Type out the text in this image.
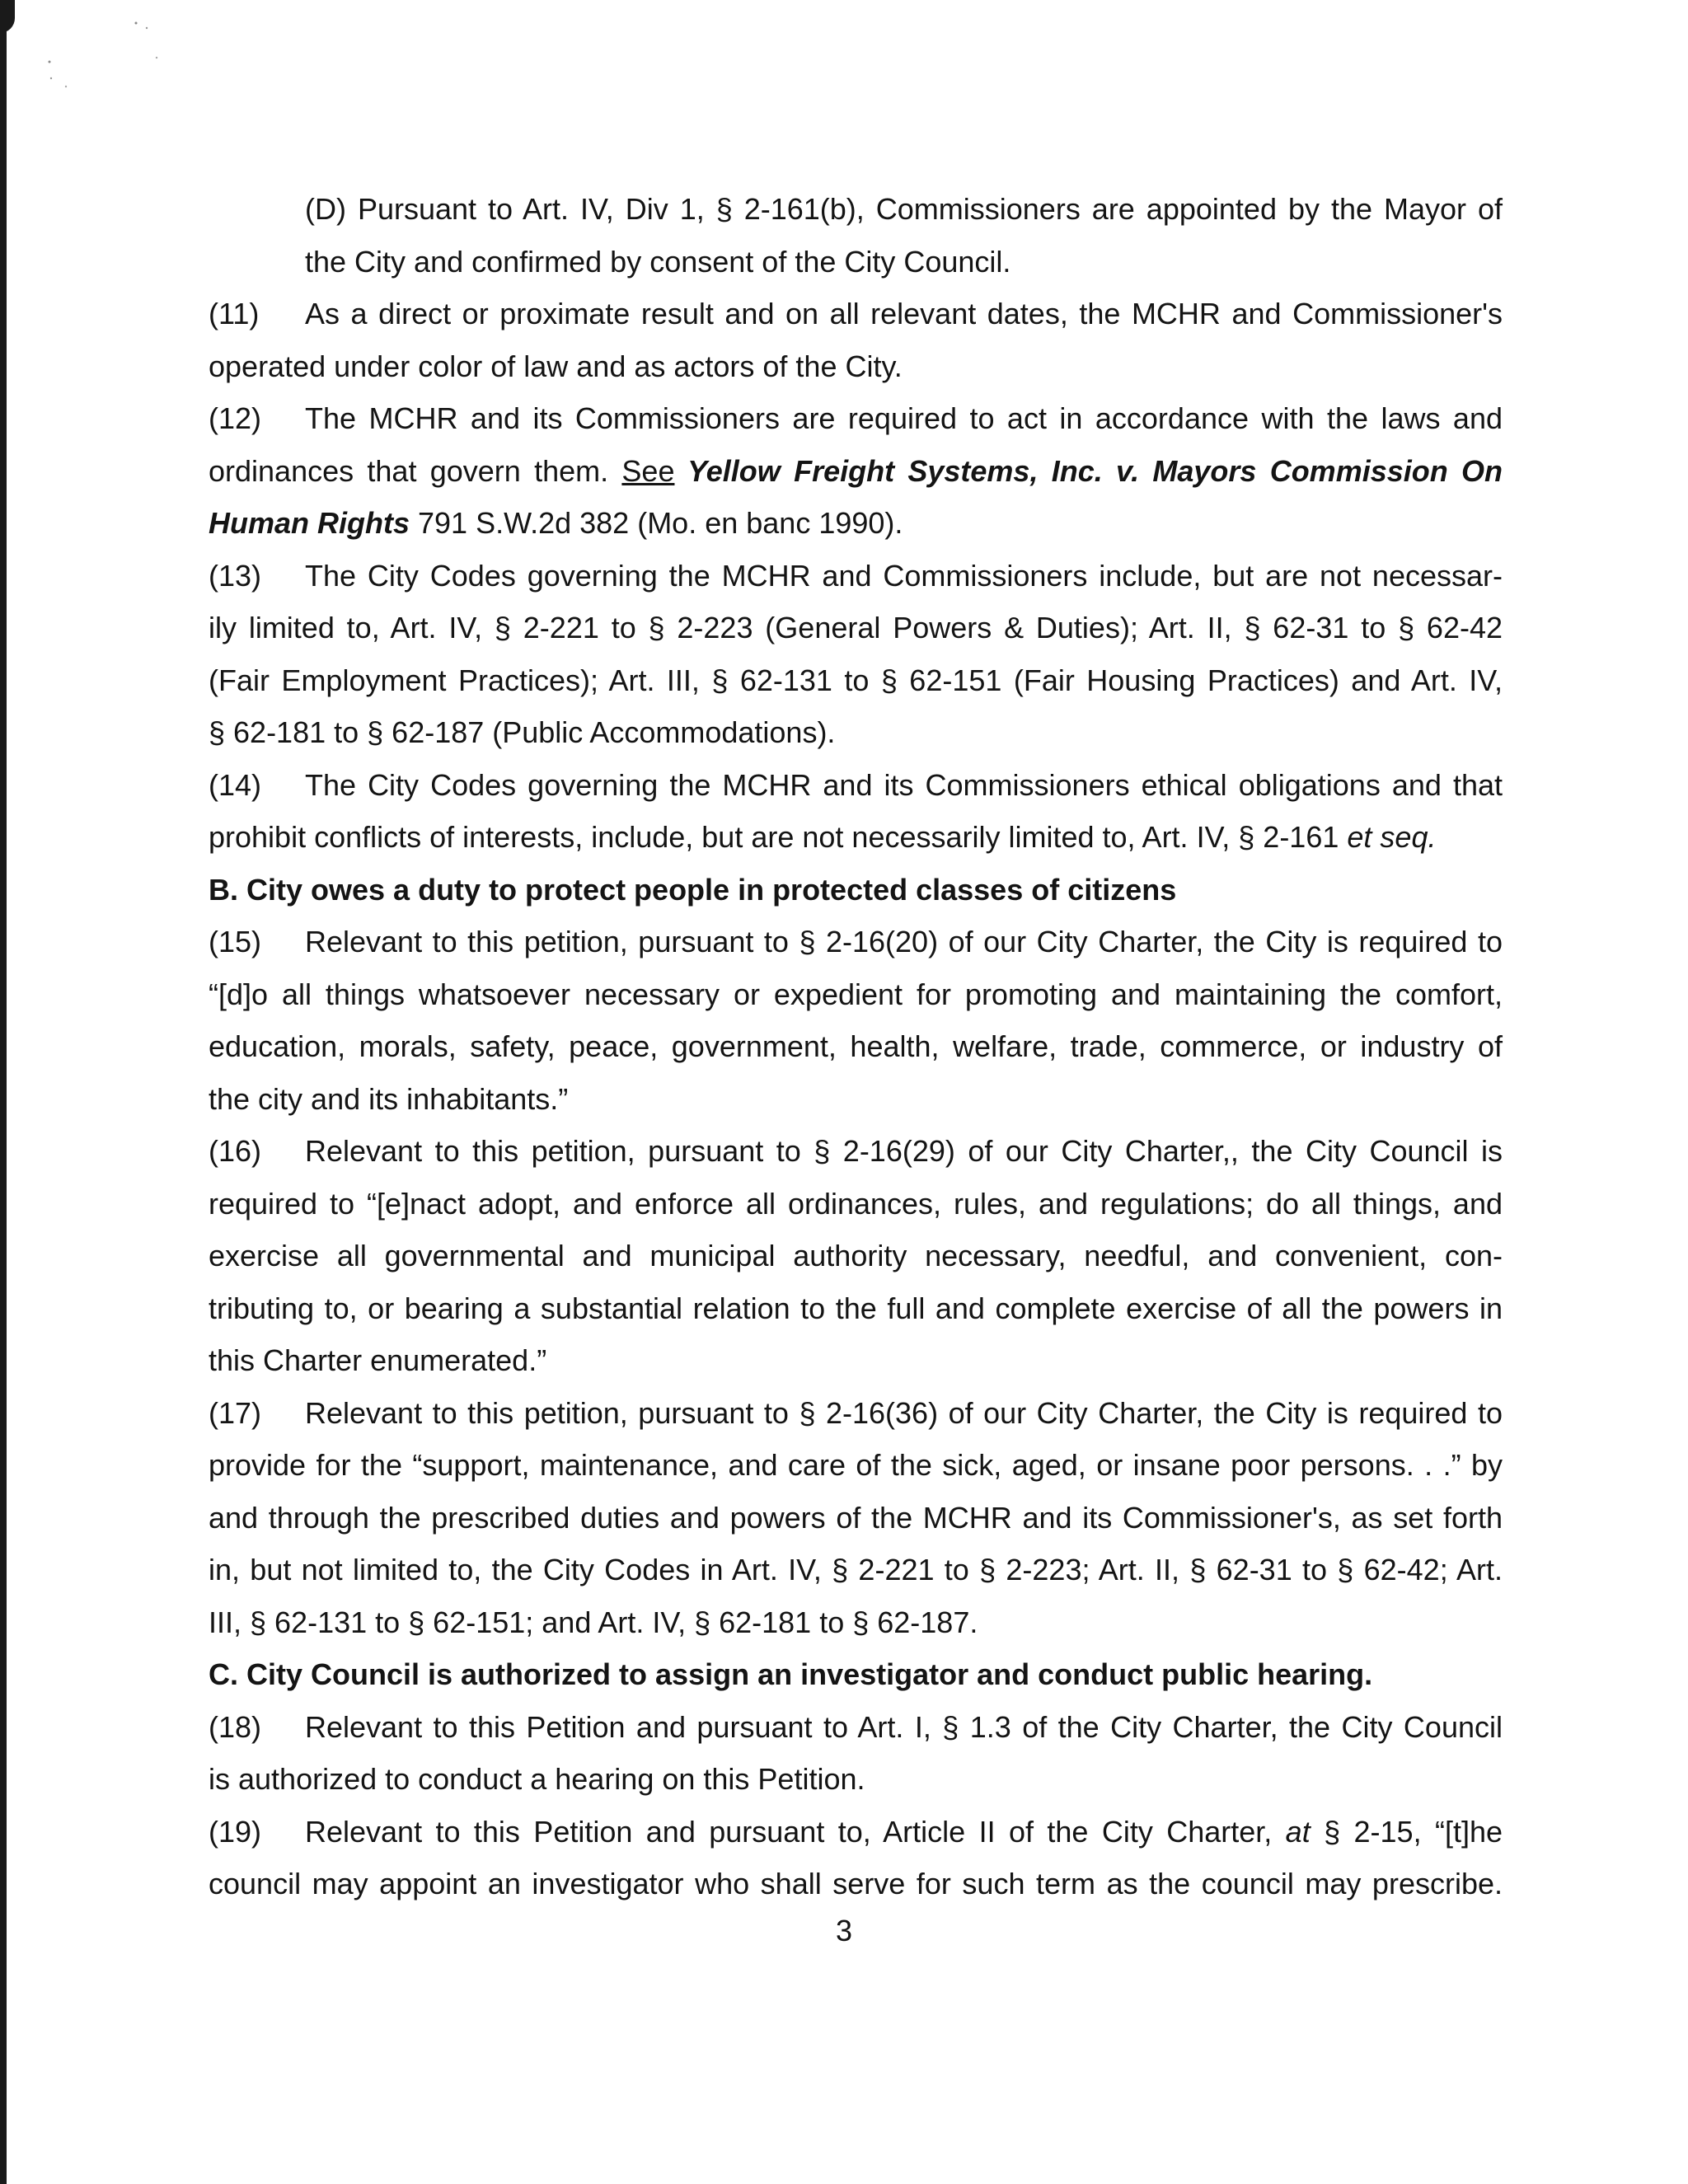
(D) Pursuant to Art. IV, Div 1, § 2-161(b), Commissioners are appointed by the Mayor of
the City and confirmed by consent of the City Council.
(11) As a direct or proximate result and on all relevant dates, the MCHR and Commissioner's
operated under color of law and as actors of the City.
(12) The MCHR and its Commissioners are required to act in accordance with the laws and
ordinances that govern them. See Yellow Freight Systems, Inc. v. Mayors Commission On
Human Rights 791 S.W.2d 382 (Mo. en banc 1990).
(13) The City Codes governing the MCHR and Commissioners include, but are not necessar-
ily limited to, Art. IV, § 2-221 to § 2-223 (General Powers & Duties); Art. II, § 62-31 to § 62-42
(Fair Employment Practices); Art. III, § 62-131 to § 62-151 (Fair Housing Practices) and Art. IV,
§ 62-181 to § 62-187 (Public Accommodations).
(14) The City Codes governing the MCHR and its Commissioners ethical obligations and that
prohibit conflicts of interests, include, but are not necessarily limited to, Art. IV, § 2-161 et seq.
B. City owes a duty to protect people in protected classes of citizens
(15) Relevant to this petition, pursuant to § 2-16(20) of our City Charter, the City is required to
“[d]o all things whatsoever necessary or expedient for promoting and maintaining the comfort,
education, morals, safety, peace, government, health, welfare, trade, commerce, or industry of
the city and its inhabitants.”
(16) Relevant to this petition, pursuant to § 2-16(29) of our City Charter,, the City Council is
required to “[e]nact adopt, and enforce all ordinances, rules, and regulations; do all things, and
exercise all governmental and municipal authority necessary, needful, and convenient, con-
tributing to, or bearing a substantial relation to the full and complete exercise of all the powers in
this Charter enumerated.”
(17) Relevant to this petition, pursuant to § 2-16(36) of our City Charter, the City is required to
provide for the “support, maintenance, and care of the sick, aged, or insane poor persons. . .” by
and through the prescribed duties and powers of the MCHR and its Commissioner's, as set forth
in, but not limited to, the City Codes in Art. IV, § 2-221 to § 2-223; Art. II, § 62-31 to § 62-42; Art.
III, § 62-131 to § 62-151; and Art. IV, § 62-181 to § 62-187.
C. City Council is authorized to assign an investigator and conduct public hearing.
(18) Relevant to this Petition and pursuant to Art. I, § 1.3 of the City Charter, the City Council
is authorized to conduct a hearing on this Petition.
(19) Relevant to this Petition and pursuant to, Article II of the City Charter, at § 2-15, “[t]he
council may appoint an investigator who shall serve for such term as the council may prescribe.
3
